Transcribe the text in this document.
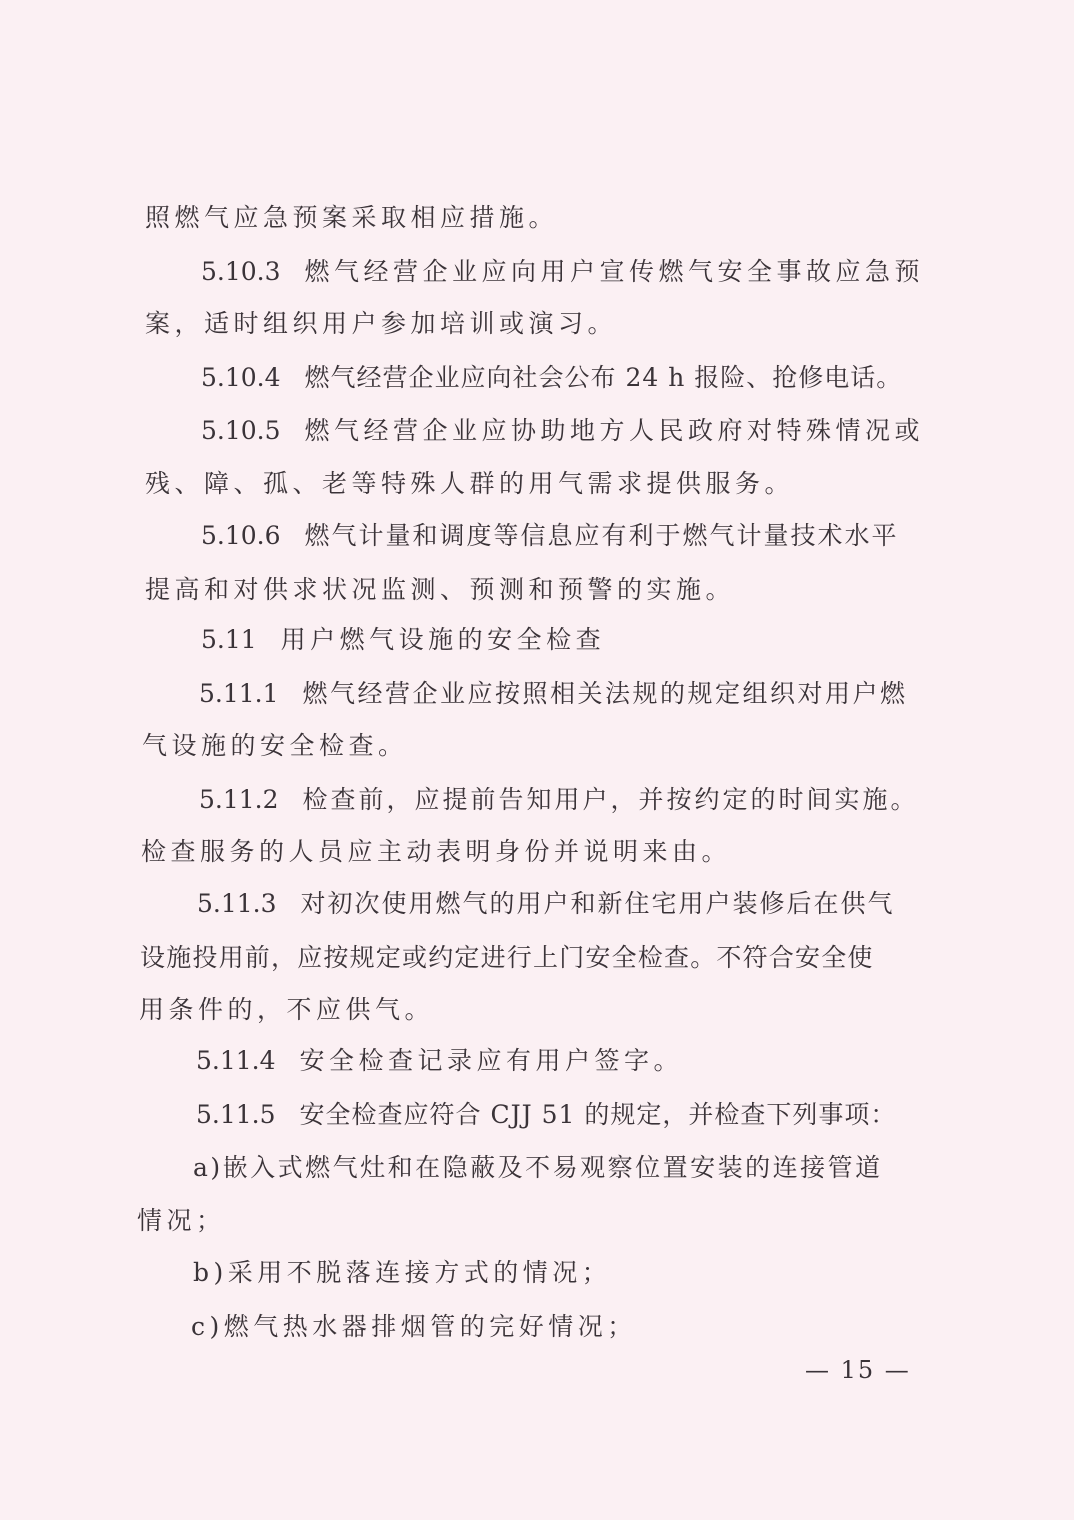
照燃气应急预案采取相应措施。
5.10.3 燃气经营企业应向用户宣传燃气安全事故应急预
案，适时组织用户参加培训或演习。
5.10.4 燃气经营企业应向社会公布 24 h 报险、抢修电话。
5.10.5 燃气经营企业应协助地方人民政府对特殊情况或
残、障、孤、老等特殊人群的用气需求提供服务。
5.10.6 燃气计量和调度等信息应有利于燃气计量技术水平
提高和对供求状况监测、预测和预警的实施。
5.11 用户燃气设施的安全检查
5.11.1 燃气经营企业应按照相关法规的规定组织对用户燃
气设施的安全检查。
5.11.2 检查前，应提前告知用户，并按约定的时间实施。
检查服务的人员应主动表明身份并说明来由。
5.11.3 对初次使用燃气的用户和新住宅用户装修后在供气
设施投用前，应按规定或约定进行上门安全检查。不符合安全使
用条件的，不应供气。
5.11.4 安全检查记录应有用户签字。
5.11.5 安全检查应符合 CJJ 51 的规定，并检查下列事项：
a)嵌入式燃气灶和在隐蔽及不易观察位置安装的连接管道
情况；
b)采用不脱落连接方式的情况；
c)燃气热水器排烟管的完好情况；
— 15 —
